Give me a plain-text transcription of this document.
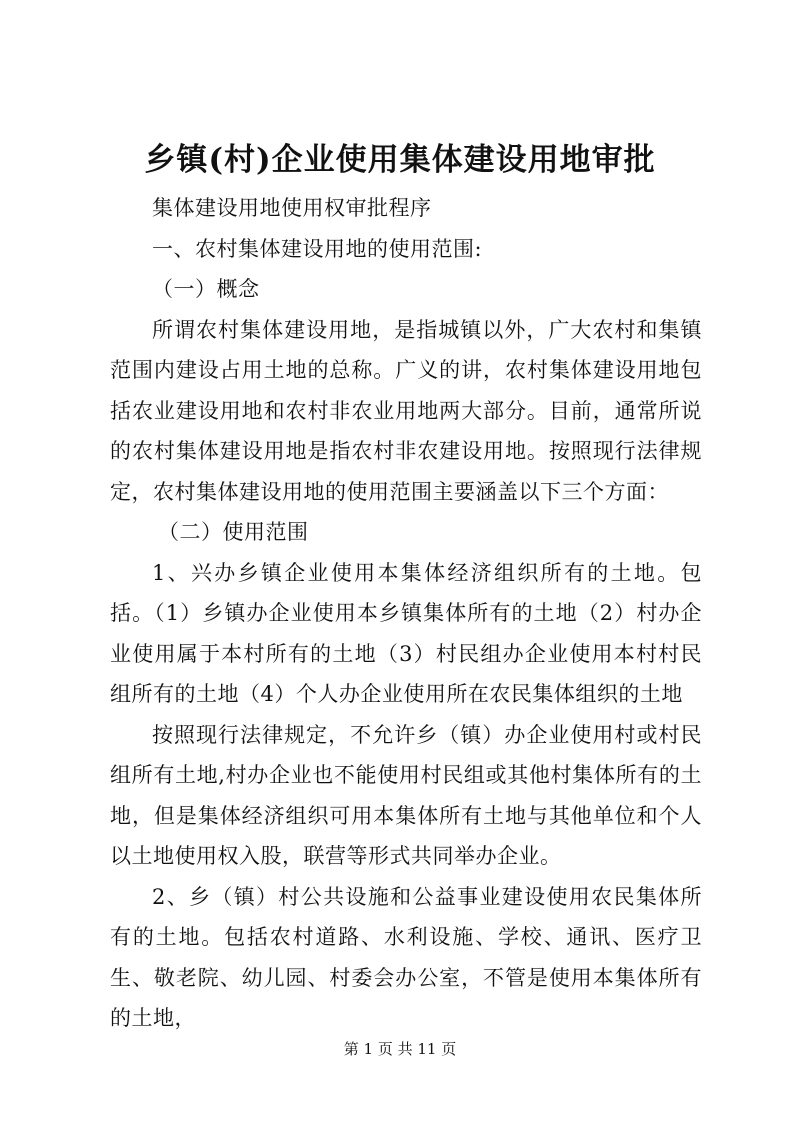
乡镇(村)企业使用集体建设用地审批

集体建设用地使用权审批程序

一、农村集体建设用地的使用范围:

（一）概念

所谓农村集体建设用地，是指城镇以外，广大农村和集镇范围内建设占用土地的总称。广义的讲，农村集体建设用地包括农业建设用地和农村非农业用地两大部分。目前，通常所说的农村集体建设用地是指农村非农建设用地。按照现行法律规定，农村集体建设用地的使用范围主要涵盖以下三个方面：

（二）使用范围

1、兴办乡镇企业使用本集体经济组织所有的土地。包括。（1）乡镇办企业使用本乡镇集体所有的土地（2）村办企业使用属于本村所有的土地（3）村民组办企业使用本村村民组所有的土地（4）个人办企业使用所在农民集体组织的土地

按照现行法律规定，不允许乡（镇）办企业使用村或村民组所有土地,村办企业也不能使用村民组或其他村集体所有的土地，但是集体经济组织可用本集体所有土地与其他单位和个人以土地使用权入股，联营等形式共同举办企业。

2、乡（镇）村公共设施和公益事业建设使用农民集体所有的土地。包括农村道路、水利设施、学校、通讯、医疗卫生、敬老院、幼儿园、村委会办公室，不管是使用本集体所有的土地，

第 1 页 共 11 页
